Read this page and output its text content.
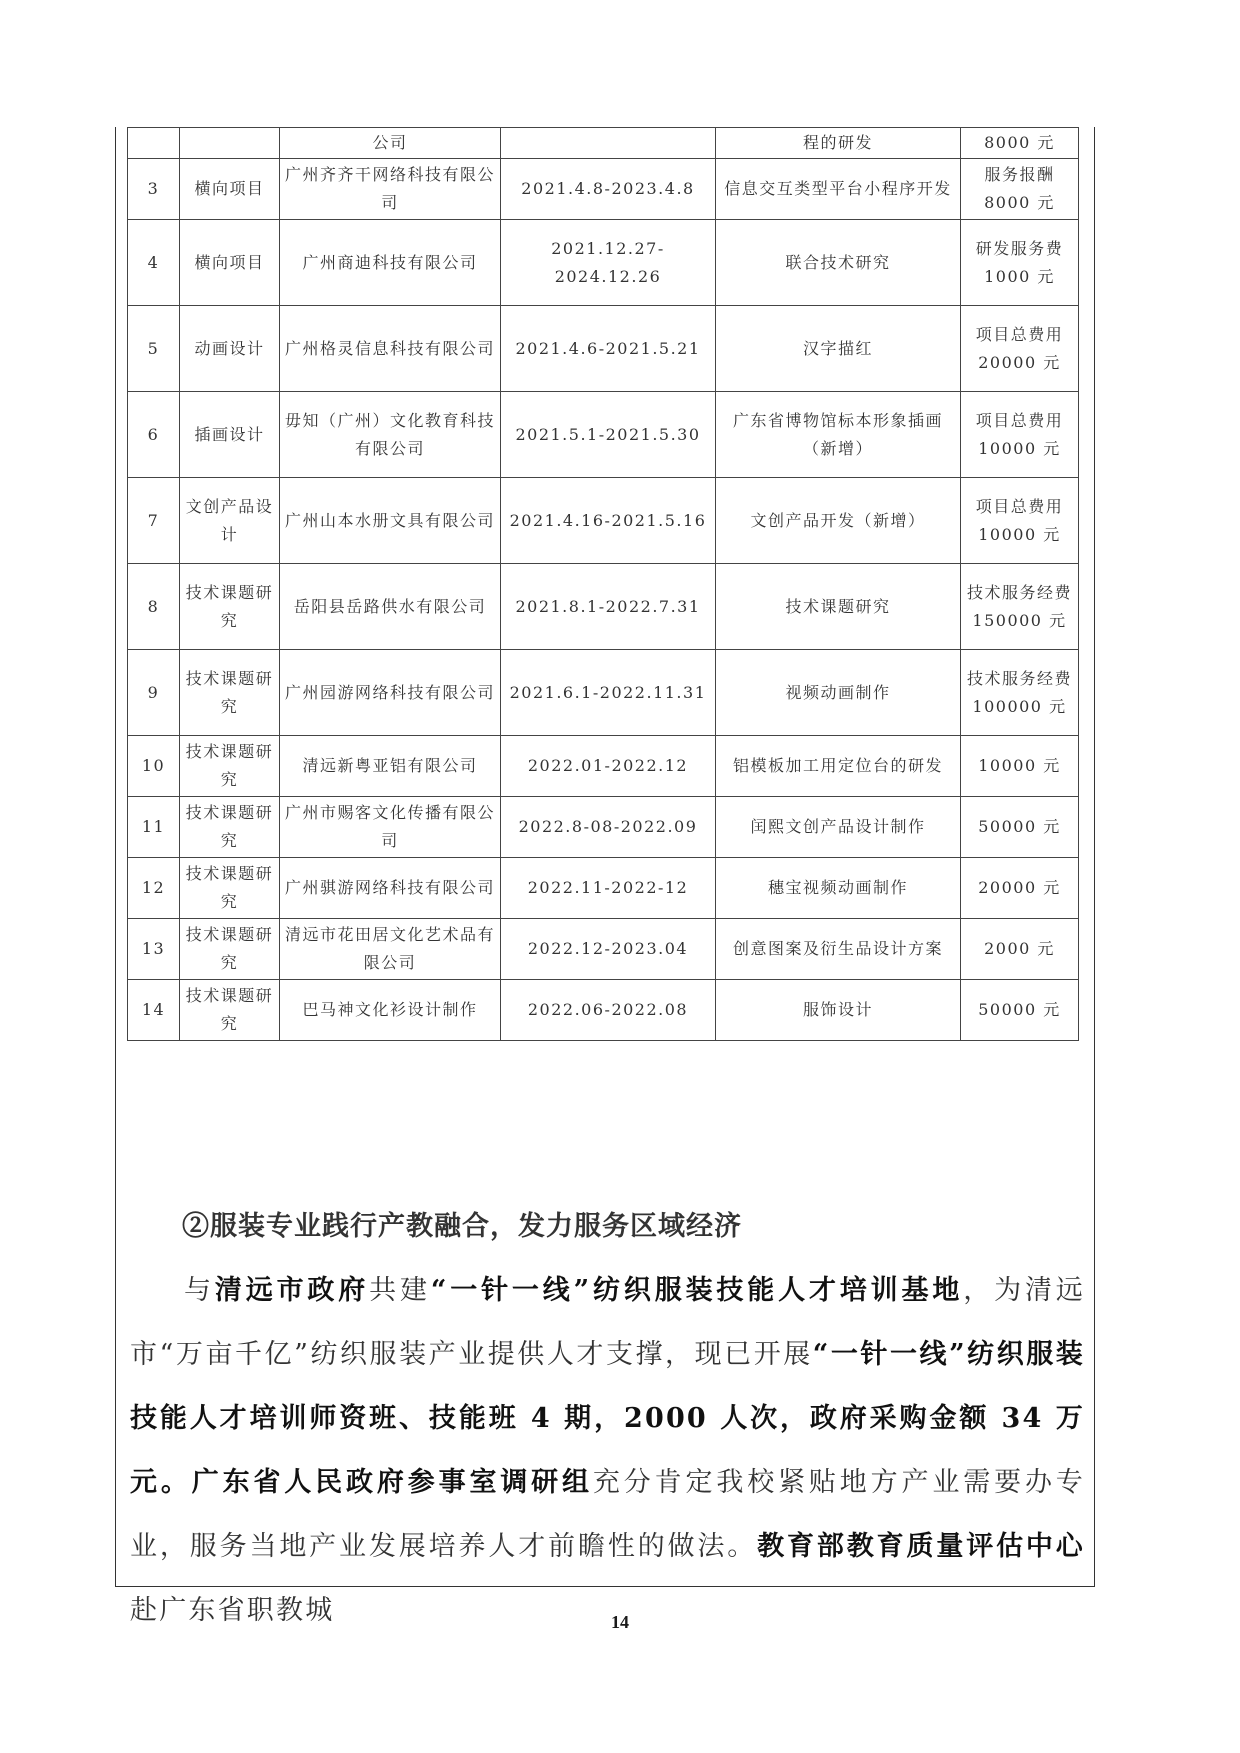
		公司		程的研发	8000 元
3	横向项目	广州齐齐干网络科技有限公司	2021.4.8-2023.4.8	信息交互类型平台小程序开发	服务报酬8000 元
4	横向项目	广州商迪科技有限公司	2021.12.27-2024.12.26	联合技术研究	研发服务费1000 元
5	动画设计	广州格灵信息科技有限公司	2021.4.6-2021.5.21	汉字描红	项目总费用20000 元
6	插画设计	毋知（广州）文化教育科技有限公司	2021.5.1-2021.5.30	广东省博物馆标本形象插画（新增）	项目总费用10000 元
7	文创产品设计	广州山本水册文具有限公司	2021.4.16-2021.5.16	文创产品开发（新增）	项目总费用10000 元
8	技术课题研究	岳阳县岳路供水有限公司	2021.8.1-2022.7.31	技术课题研究	技术服务经费150000 元
9	技术课题研究	广州园游网络科技有限公司	2021.6.1-2022.11.31	视频动画制作	技术服务经费100000 元
10	技术课题研究	清远新粤亚铝有限公司	2022.01-2022.12	铝模板加工用定位台的研发	10000 元
11	技术课题研究	广州市赐客文化传播有限公司	2022.8-08-2022.09	闰熙文创产品设计制作	50000 元
12	技术课题研究	广州骐游网络科技有限公司	2022.11-2022-12	穗宝视频动画制作	20000 元
13	技术课题研究	清远市花田居文化艺术品有限公司	2022.12-2023.04	创意图案及衍生品设计方案	2000 元
14	技术课题研究	巴马神文化衫设计制作	2022.06-2022.08	服饰设计	50000 元
②服装专业践行产教融合，发力服务区域经济

与清远市政府共建“一针一线”纺织服装技能人才培训基地，为清远市“万亩千亿”纺织服装产业提供人才支撑，现已开展“一针一线”纺织服装技能人才培训师资班、技能班 4 期，2000 人次，政府采购金额 34 万元。广东省人民政府参事室调研组充分肯定我校紧贴地方产业需要办专业，服务当地产业发展培养人才前瞻性的做法。教育部教育质量评估中心赴广东省职教城	14
